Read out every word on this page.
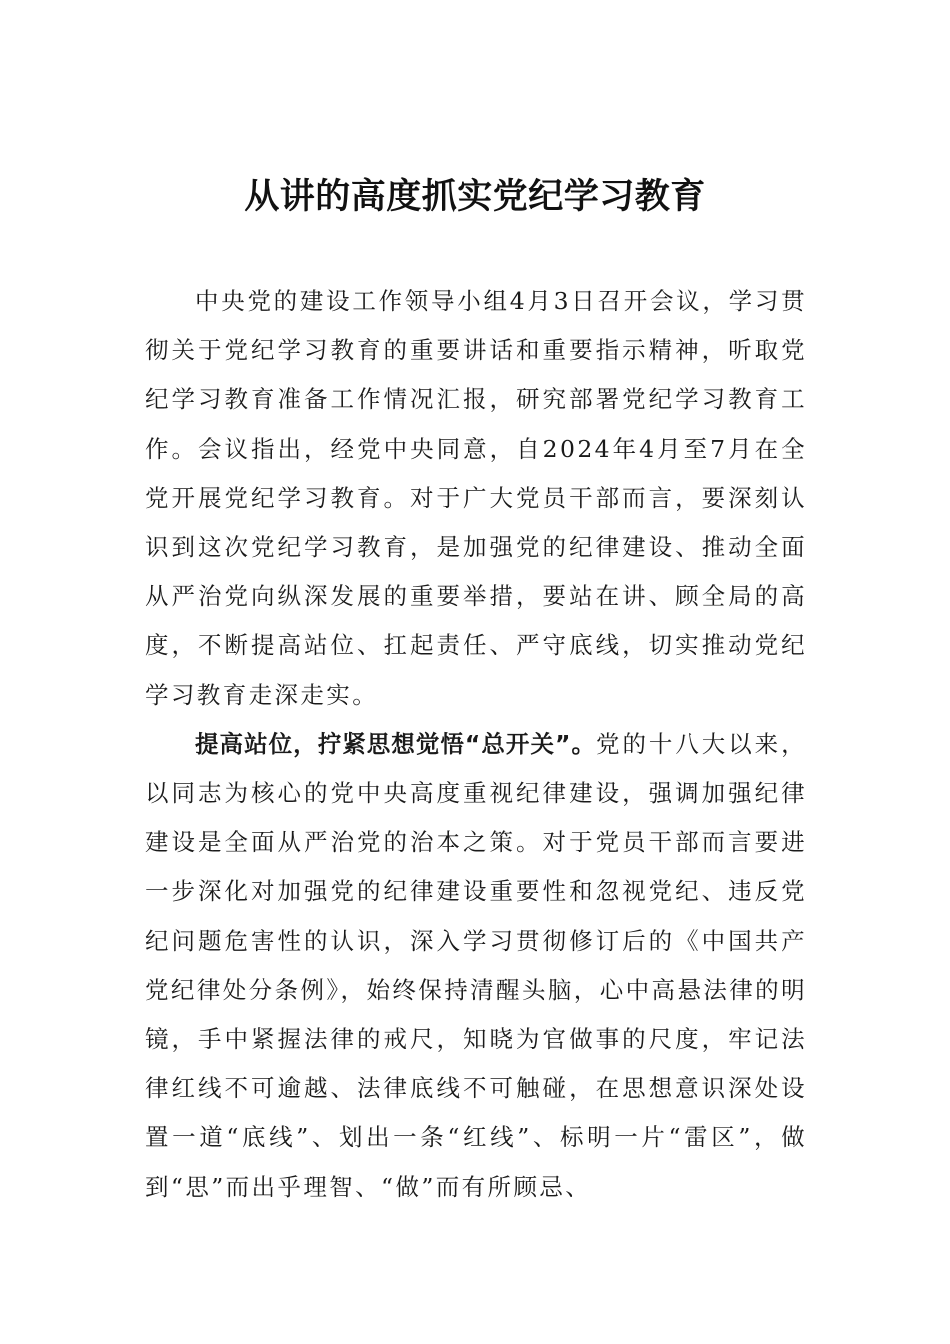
从讲的高度抓实党纪学习教育

中央党的建设工作领导小组4月3日召开会议，学习贯彻关于党纪学习教育的重要讲话和重要指示精神，听取党纪学习教育准备工作情况汇报，研究部署党纪学习教育工作。会议指出，经党中央同意，自2024年4月至7月在全党开展党纪学习教育。对于广大党员干部而言，要深刻认识到这次党纪学习教育，是加强党的纪律建设、推动全面从严治党向纵深发展的重要举措，要站在讲、顾全局的高度，不断提高站位、扛起责任、严守底线，切实推动党纪学习教育走深走实。

提高站位，拧紧思想觉悟“总开关”。党的十八大以来，以同志为核心的党中央高度重视纪律建设，强调加强纪律建设是全面从严治党的治本之策。对于党员干部而言要进一步深化对加强党的纪律建设重要性和忽视党纪、违反党纪问题危害性的认识，深入学习贯彻修订后的《中国共产党纪律处分条例》，始终保持清醒头脑，心中高悬法律的明镜，手中紧握法律的戒尺，知晓为官做事的尺度，牢记法律红线不可逾越、法律底线不可触碰，在思想意识深处设置一道“底线”、划出一条“红线”、标明一片“雷区”，做到“思”而出乎理智、“做”而有所顾忌、
